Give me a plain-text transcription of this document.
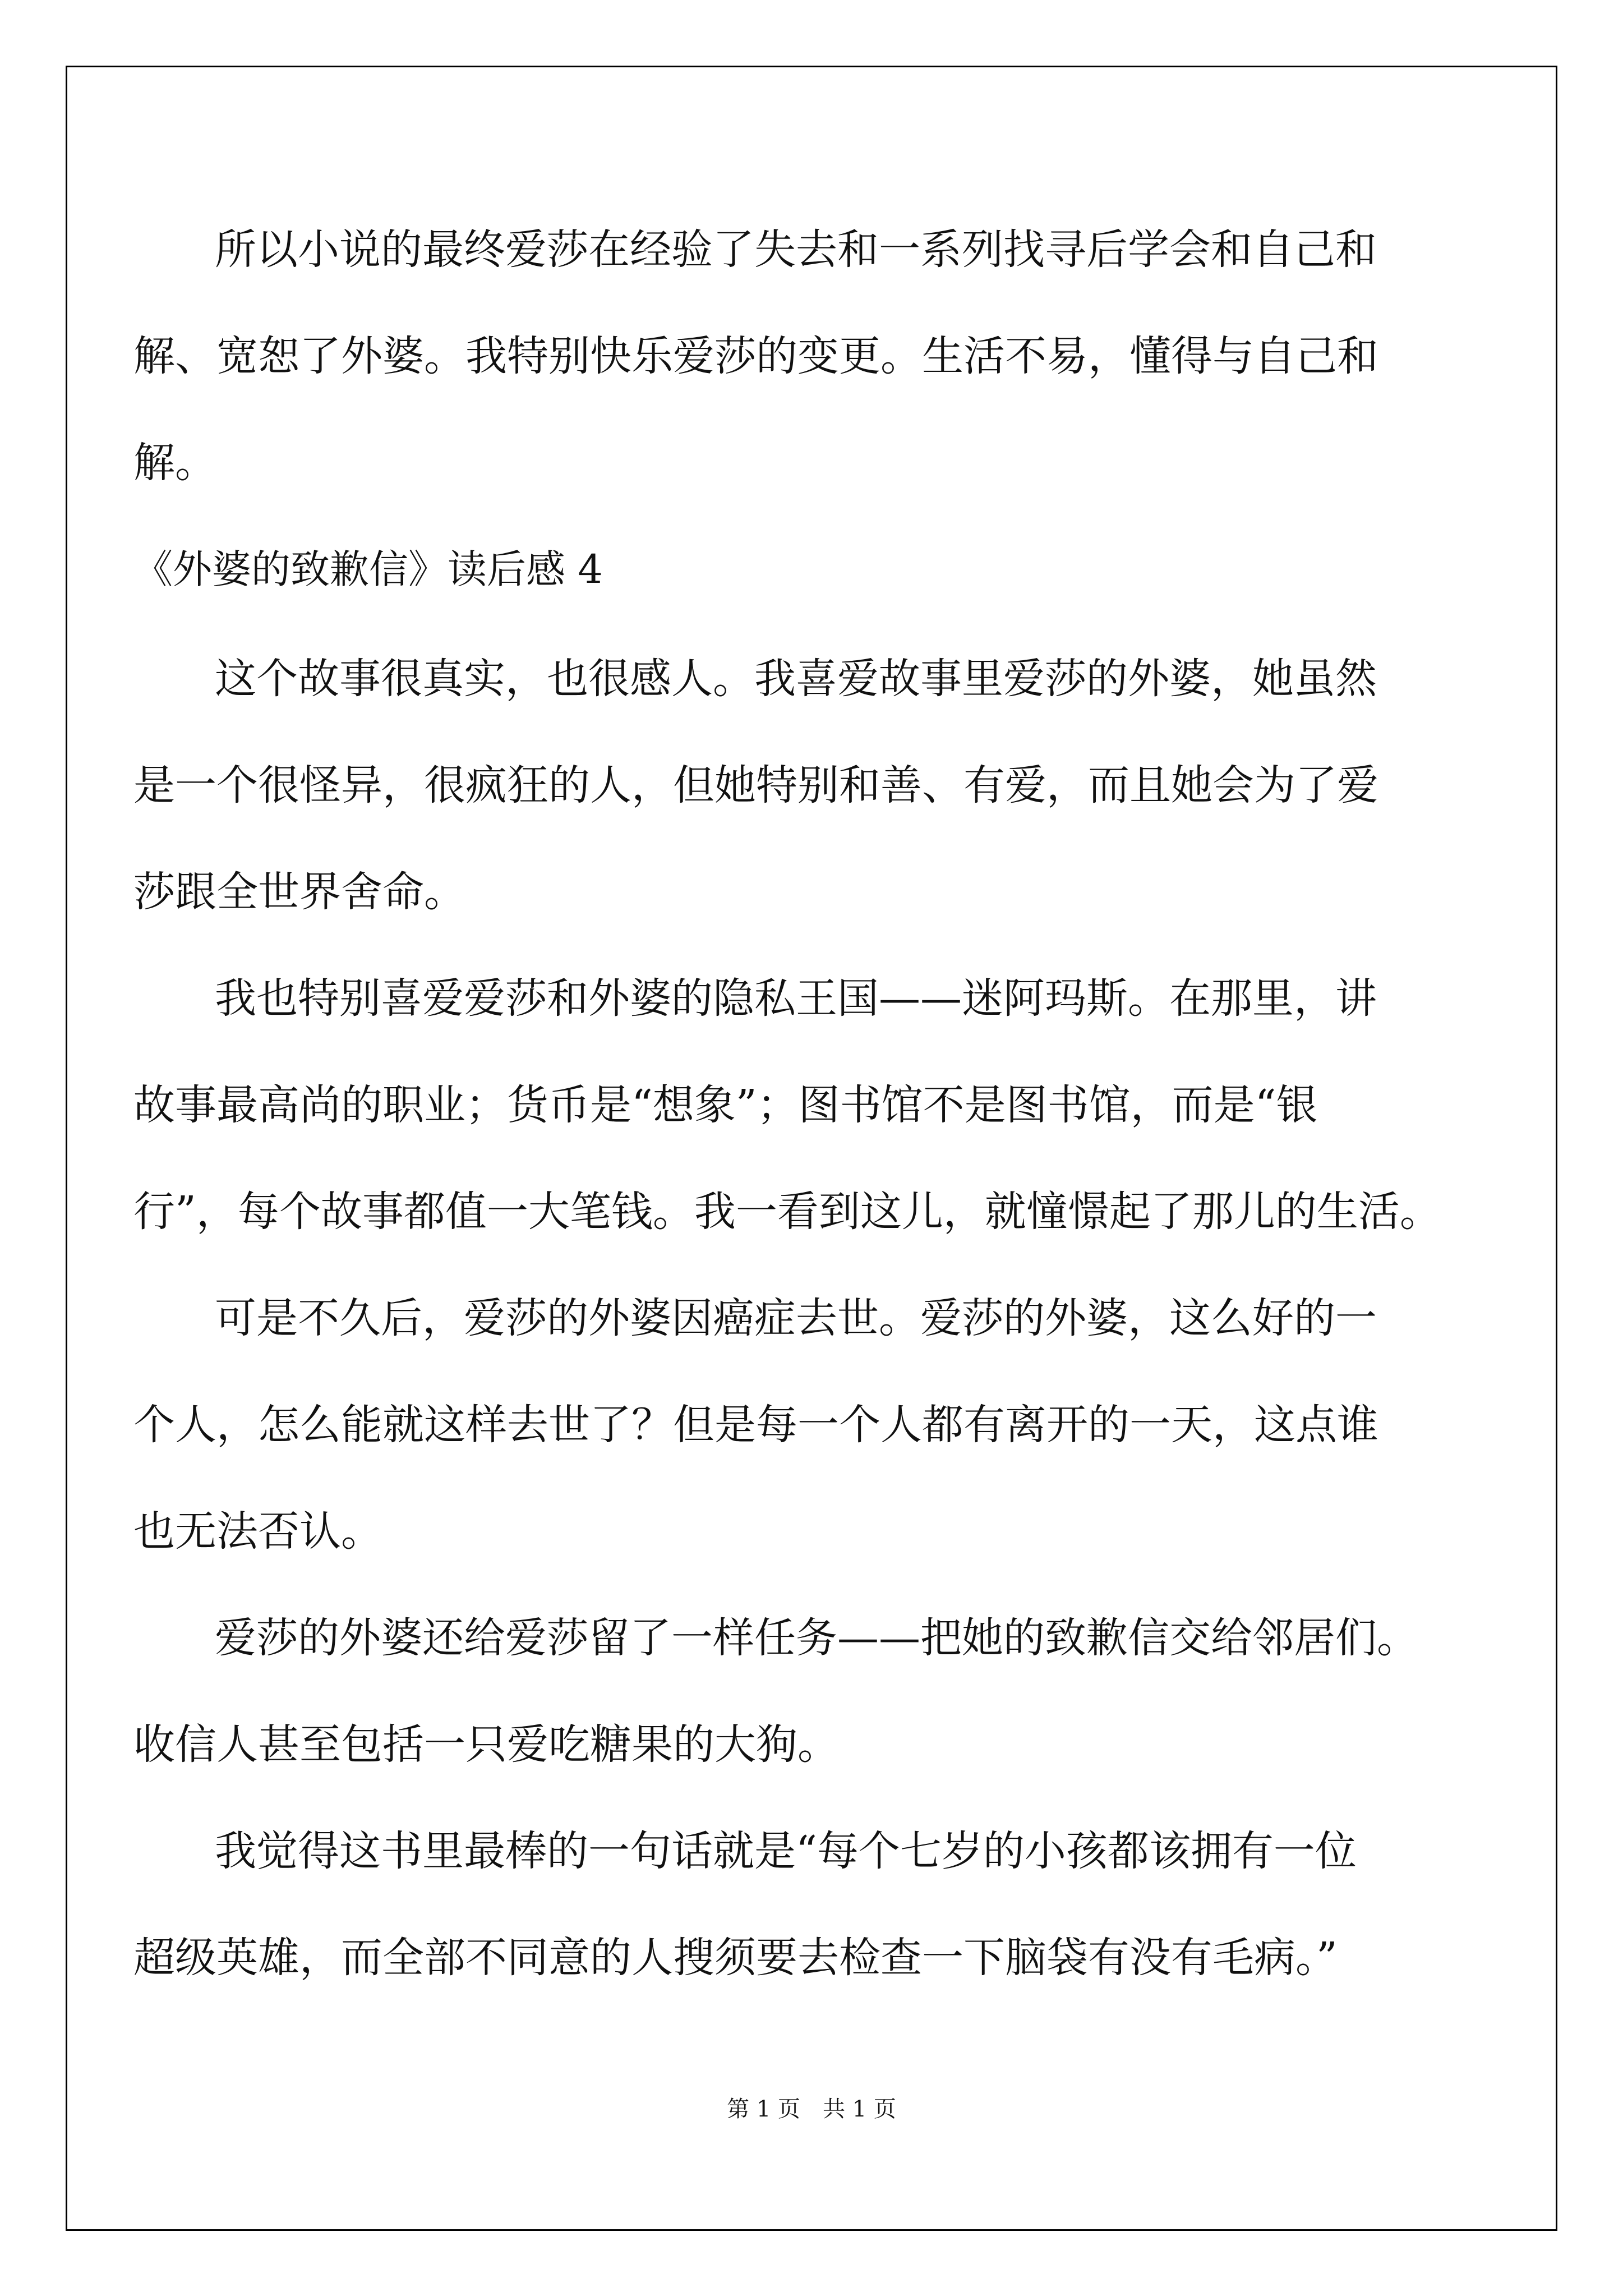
所以小说的最终爱莎在经验了失去和一系列找寻后学会和自己和

解、宽恕了外婆。我特别快乐爱莎的变更。生活不易，懂得与自己和

解。

《外婆的致歉信》读后感 4

这个故事很真实，也很感人。我喜爱故事里爱莎的外婆，她虽然

是一个很怪异，很疯狂的人，但她特别和善、有爱，而且她会为了爱

莎跟全世界舍命。

我也特别喜爱爱莎和外婆的隐私王国——迷阿玛斯。在那里，讲

故事最高尚的职业；货币是“想象”；图书馆不是图书馆，而是“银

行”，每个故事都值一大笔钱。我一看到这儿，就憧憬起了那儿的生活。

可是不久后，爱莎的外婆因癌症去世。爱莎的外婆，这么好的一

个人，怎么能就这样去世了？但是每一个人都有离开的一天，这点谁

也无法否认。

爱莎的外婆还给爱莎留了一样任务——把她的致歉信交给邻居们。

收信人甚至包括一只爱吃糖果的大狗。

我觉得这书里最棒的一句话就是“每个七岁的小孩都该拥有一位

超级英雄，而全部不同意的人搜须要去检查一下脑袋有没有毛病。”

第 1 页 共 1 页
